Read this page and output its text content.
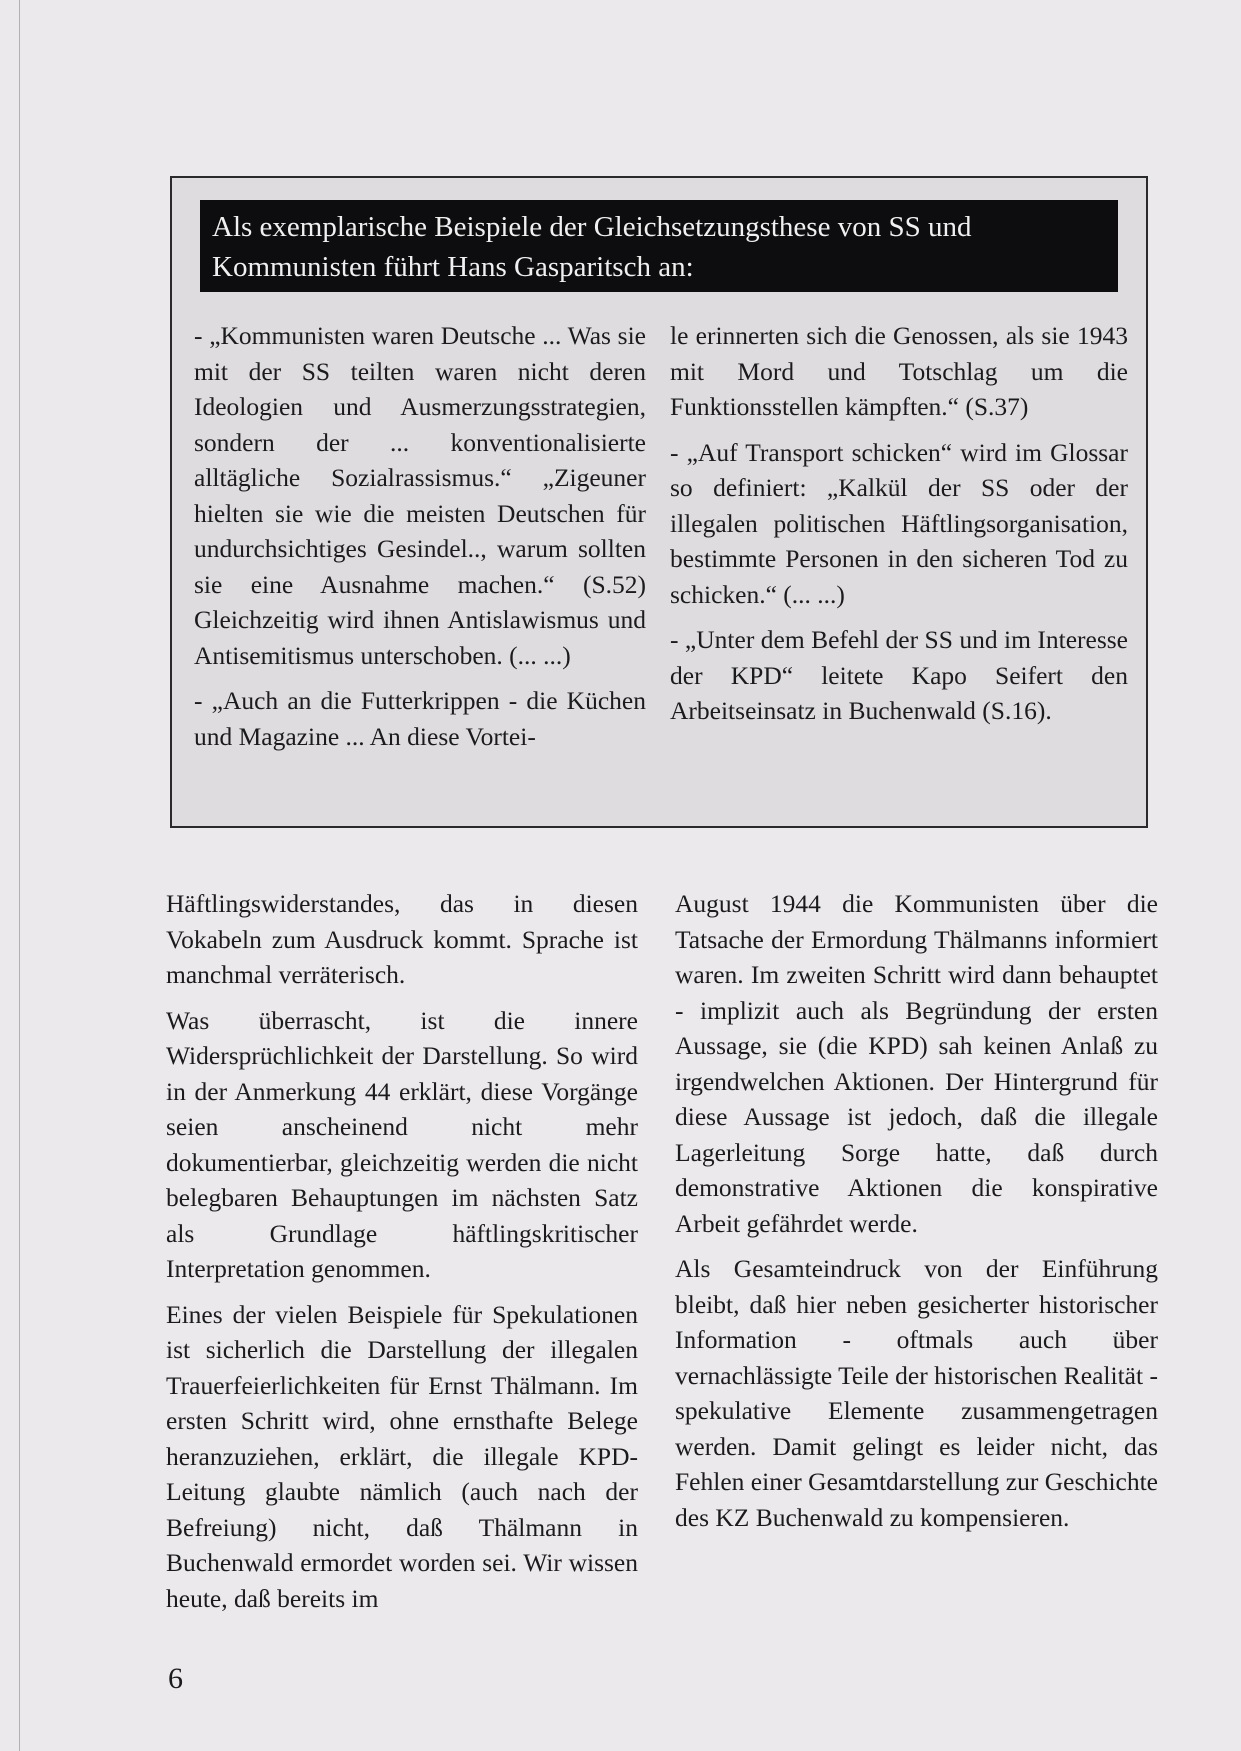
Als exemplarische Beispiele der Gleichsetzungsthese von SS und Kommunisten führt Hans Gasparitsch an:

- „Kommunisten waren Deutsche ... Was sie mit der SS teilten waren nicht deren Ideologien und Ausmerzungsstrategien, sondern der ... konventionalisierte alltägliche Sozialrassismus.“ „Zigeuner hielten sie wie die meisten Deutschen für undurchsichtiges Gesindel.., warum sollten sie eine Ausnahme machen.“ (S.52) Gleichzeitig wird ihnen Antislawismus und Antisemitismus unterschoben. (... ...)

- „Auch an die Futterkrippen - die Küchen und Magazine ... An diese Vortei-

le erinnerten sich die Genossen, als sie 1943 mit Mord und Totschlag um die Funktionsstellen kämpften.“ (S.37)

- „Auf Transport schicken“ wird im Glossar so definiert: „Kalkül der SS oder der illegalen politischen Häftlingsorganisation, bestimmte Personen in den sicheren Tod zu schicken.“ (... ...)

- „Unter dem Befehl der SS und im Interesse der KPD“ leitete Kapo Seifert den Arbeitseinsatz in Buchenwald (S.16).

Häftlingswiderstandes, das in diesen Vokabeln zum Ausdruck kommt. Sprache ist manchmal verräterisch.

Was überrascht, ist die innere Widersprüchlichkeit der Darstellung. So wird in der Anmerkung 44 erklärt, diese Vorgänge seien anscheinend nicht mehr dokumentierbar, gleichzeitig werden die nicht belegbaren Behauptungen im nächsten Satz als Grundlage häftlingskritischer Interpretation genommen.

Eines der vielen Beispiele für Spekulationen ist sicherlich die Darstellung der illegalen Trauerfeierlichkeiten für Ernst Thälmann. Im ersten Schritt wird, ohne ernsthafte Belege heranzuziehen, erklärt, die illegale KPD-Leitung glaubte nämlich (auch nach der Befreiung) nicht, daß Thälmann in Buchenwald ermordet worden sei. Wir wissen heute, daß bereits im

August 1944 die Kommunisten über die Tatsache der Ermordung Thälmanns informiert waren. Im zweiten Schritt wird dann behauptet - implizit auch als Begründung der ersten Aussage, sie (die KPD) sah keinen Anlaß zu irgendwelchen Aktionen. Der Hintergrund für diese Aussage ist jedoch, daß die illegale Lagerleitung Sorge hatte, daß durch demonstrative Aktionen die konspirative Arbeit gefährdet werde.

Als Gesamteindruck von der Einführung bleibt, daß hier neben gesicherter historischer Information - oftmals auch über vernachlässigte Teile der historischen Realität - spekulative Elemente zusammengetragen werden. Damit gelingt es leider nicht, das Fehlen einer Gesamtdarstellung zur Geschichte des KZ Buchenwald zu kompensieren.

6
